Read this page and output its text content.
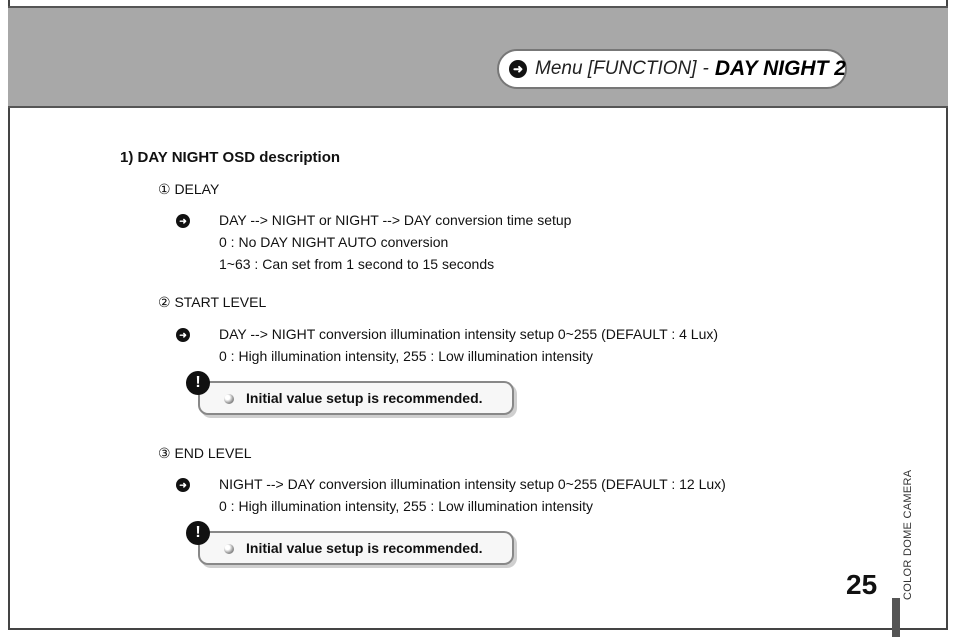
➜ Menu [FUNCTION] - DAY NIGHT 2
1) DAY NIGHT OSD description
① DELAY
➜ DAY --> NIGHT or NIGHT --> DAY conversion time setup
0 : No DAY NIGHT AUTO conversion
1~63 : Can set from 1 second to 15 seconds
② START LEVEL
➜ DAY --> NIGHT conversion illumination intensity setup 0~255 (DEFAULT : 4 Lux)
0 : High illumination intensity, 255 : Low illumination intensity
!
Initial value setup is recommended.
③ END LEVEL
➜ NIGHT --> DAY conversion illumination intensity setup 0~255 (DEFAULT : 12 Lux)
0 : High illumination intensity, 255 : Low illumination intensity
!
Initial value setup is recommended.	COLOR DOME CAMERA
25
